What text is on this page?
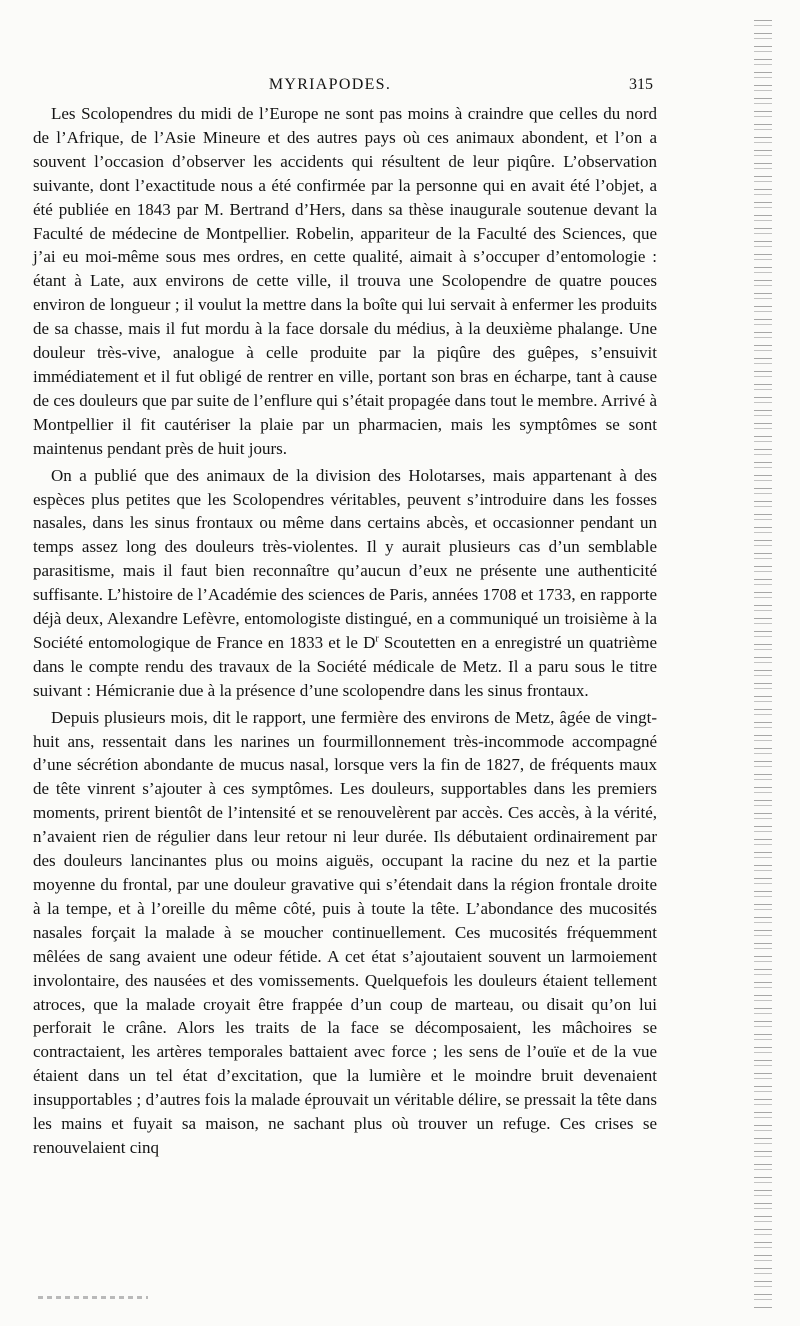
MYRIAPODES.	315

Les Scolopendres du midi de l’Europe ne sont pas moins à craindre que celles du nord de l’Afrique, de l’Asie Mineure et des autres pays où ces animaux abondent, et l’on a souvent l’occasion d’observer les accidents qui résultent de leur piqûre. L’observation suivante, dont l’exactitude nous a été confirmée par la personne qui en avait été l’objet, a été publiée en 1843 par M. Bertrand d’Hers, dans sa thèse inaugurale soutenue devant la Faculté de médecine de Montpellier. Robelin, appariteur de la Faculté des Sciences, que j’ai eu moi-même sous mes ordres, en cette qualité, aimait à s’occuper d’entomologie : étant à Late, aux environs de cette ville, il trouva une Scolopendre de quatre pouces environ de longueur ; il voulut la mettre dans la boîte qui lui servait à enfermer les produits de sa chasse, mais il fut mordu à la face dorsale du médius, à la deuxième phalange. Une douleur très-vive, analogue à celle produite par la piqûre des guêpes, s’ensuivit immédiatement et il fut obligé de rentrer en ville, portant son bras en écharpe, tant à cause de ces douleurs que par suite de l’enflure qui s’était propagée dans tout le membre. Arrivé à Montpellier il fit cautériser la plaie par un pharmacien, mais les symptômes se sont maintenus pendant près de huit jours.

On a publié que des animaux de la division des Holotarses, mais appartenant à des espèces plus petites que les Scolopendres véritables, peuvent s’introduire dans les fosses nasales, dans les sinus frontaux ou même dans certains abcès, et occasionner pendant un temps assez long des douleurs très-violentes. Il y aurait plusieurs cas d’un semblable parasitisme, mais il faut bien reconnaître qu’aucun d’eux ne présente une authenticité suffisante. L’histoire de l’Académie des sciences de Paris, années 1708 et 1733, en rapporte déjà deux, Alexandre Lefèvre, entomologiste distingué, en a communiqué un troisième à la Société entomologique de France en 1833 et le $D^r$ Scoutetten en a enregistré un quatrième dans le compte rendu des travaux de la Société médicale de Metz. Il a paru sous le titre suivant : Hémicranie due à la présence d’une scolopendre dans les sinus frontaux.

Depuis plusieurs mois, dit le rapport, une fermière des environs de Metz, âgée de vingt-huit ans, ressentait dans les narines un fourmillonnement très-incommode accompagné d’une sécrétion abondante de mucus nasal, lorsque vers la fin de 1827, de fréquents maux de tête vinrent s’ajouter à ces symptômes. Les douleurs, supportables dans les premiers moments, prirent bientôt de l’intensité et se renouvelèrent par accès. Ces accès, à la vérité, n’avaient rien de régulier dans leur retour ni leur durée. Ils débutaient ordinairement par des douleurs lancinantes plus ou moins aiguës, occupant la racine du nez et la partie moyenne du frontal, par une douleur gravative qui s’étendait dans la région frontale droite à la tempe, et à l’oreille du même côté, puis à toute la tête. L’abondance des mucosités nasales forçait la malade à se moucher continuellement. Ces mucosités fréquemment mêlées de sang avaient une odeur fétide. A cet état s’ajoutaient souvent un larmoiement involontaire, des nausées et des vomissements. Quelquefois les douleurs étaient tellement atroces, que la malade croyait être frappée d’un coup de marteau, ou disait qu’on lui perforait le crâne. Alors les traits de la face se décomposaient, les mâchoires se contractaient, les artères temporales battaient avec force ; les sens de l’ouïe et de la vue étaient dans un tel état d’excitation, que la lumière et le moindre bruit devenaient insupportables ; d’autres fois la malade éprouvait un véritable délire, se pressait la tête dans les mains et fuyait sa maison, ne sachant plus où trouver un refuge. Ces crises se renouvelaient cinq
